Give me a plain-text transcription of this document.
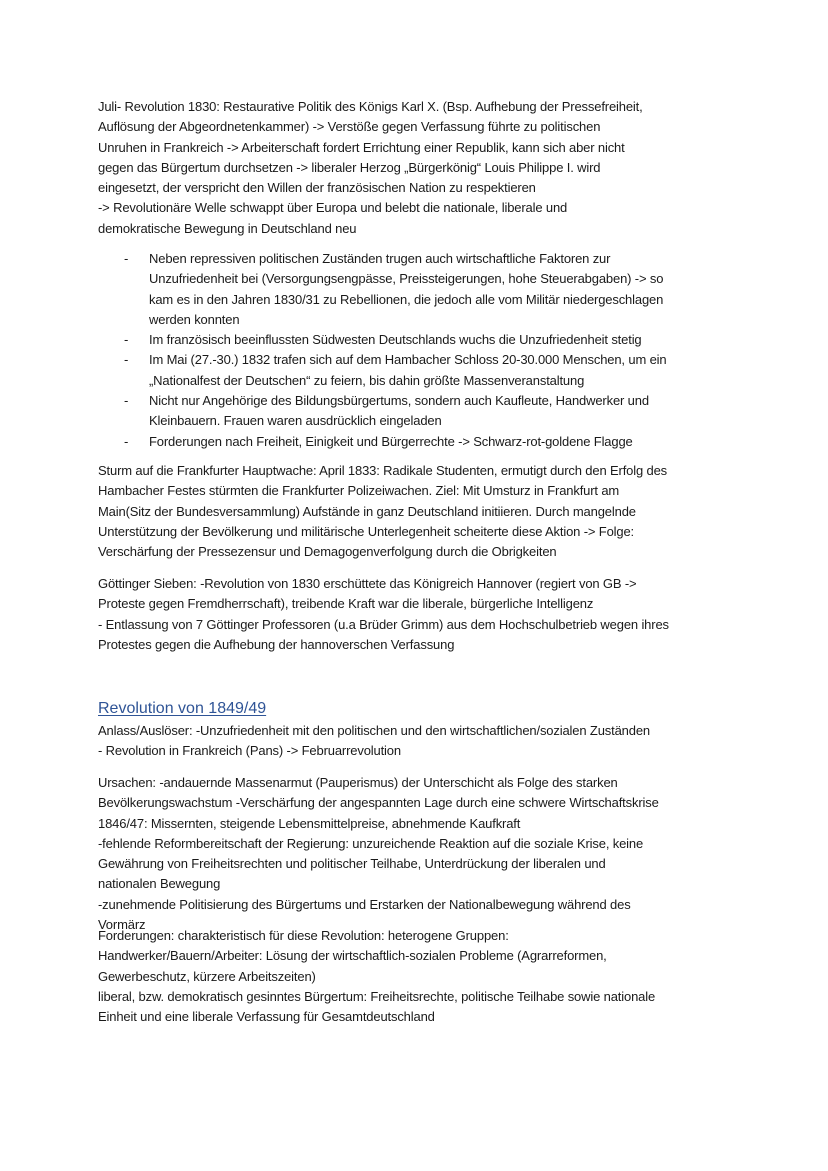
Juli- Revolution 1830: Restaurative Politik des Königs Karl X. (Bsp. Aufhebung der Pressefreiheit,
Auflösung der Abgeordnetenkammer) -> Verstöße gegen Verfassung führte zu politischen
Unruhen in Frankreich -> Arbeiterschaft fordert Errichtung einer Republik, kann sich aber nicht
gegen das Bürgertum durchsetzen -> liberaler Herzog „Bürgerkönig“ Louis Philippe I. wird
eingesetzt, der verspricht den Willen der französischen Nation zu respektieren
-> Revolutionäre Welle schwappt über Europa und belebt die nationale, liberale und
demokratische Bewegung in Deutschland neu
- Neben repressiven politischen Zuständen trugen auch wirtschaftliche Faktoren zur
Unzufriedenheit bei (Versorgungsengpässe, Preissteigerungen, hohe Steuerabgaben) -> so
kam es in den Jahren 1830/31 zu Rebellionen, die jedoch alle vom Militär niedergeschlagen
werden konnten
- Im französisch beeinflussten Südwesten Deutschlands wuchs die Unzufriedenheit stetig
- Im Mai (27.-30.) 1832 trafen sich auf dem Hambacher Schloss 20-30.000 Menschen, um ein
„Nationalfest der Deutschen“ zu feiern, bis dahin größte Massenveranstaltung
- Nicht nur Angehörige des Bildungsbürgertums, sondern auch Kaufleute, Handwerker und
Kleinbauern. Frauen waren ausdrücklich eingeladen
- Forderungen nach Freiheit, Einigkeit und Bürgerrechte -> Schwarz-rot-goldene Flagge
Sturm auf die Frankfurter Hauptwache: April 1833: Radikale Studenten, ermutigt durch den Erfolg des
Hambacher Festes stürmten die Frankfurter Polizeiwachen. Ziel: Mit Umsturz in Frankfurt am
Main(Sitz der Bundesversammlung) Aufstände in ganz Deutschland initiieren. Durch mangelnde
Unterstützung der Bevölkerung und militärische Unterlegenheit scheiterte diese Aktion -> Folge:
Verschärfung der Pressezensur und Demagogenverfolgung durch die Obrigkeiten
Göttinger Sieben: -Revolution von 1830 erschüttete das Königreich Hannover (regiert von GB ->
Proteste gegen Fremdherrschaft), treibende Kraft war die liberale, bürgerliche Intelligenz
- Entlassung von 7 Göttinger Professoren (u.a Brüder Grimm) aus dem Hochschulbetrieb wegen ihres
Protestes gegen die Aufhebung der hannoverschen Verfassung
Revolution von 1849/49
Anlass/Auslöser: -Unzufriedenheit mit den politischen und den wirtschaftlichen/sozialen Zuständen
- Revolution in Frankreich (Pans) -> Februarrevolution
Ursachen: -andauernde Massenarmut (Pauperismus) der Unterschicht als Folge des starken
Bevölkerungswachstum -Verschärfung der angespannten Lage durch eine schwere Wirtschaftskrise
1846/47: Missernten, steigende Lebensmittelpreise, abnehmende Kaufkraft
-fehlende Reformbereitschaft der Regierung: unzureichende Reaktion auf die soziale Krise, keine
Gewährung von Freiheitsrechten und politischer Teilhabe, Unterdrückung der liberalen und
nationalen Bewegung
-zunehmende Politisierung des Bürgertums und Erstarken der Nationalbewegung während des
Vormärz
Forderungen: charakteristisch für diese Revolution: heterogene Gruppen:
Handwerker/Bauern/Arbeiter: Lösung der wirtschaftlich-sozialen Probleme (Agrarreformen,
Gewerbeschutz, kürzere Arbeitszeiten)
liberal, bzw. demokratisch gesinntes Bürgertum: Freiheitsrechte, politische Teilhabe sowie nationale
Einheit und eine liberale Verfassung für Gesamtdeutschland
